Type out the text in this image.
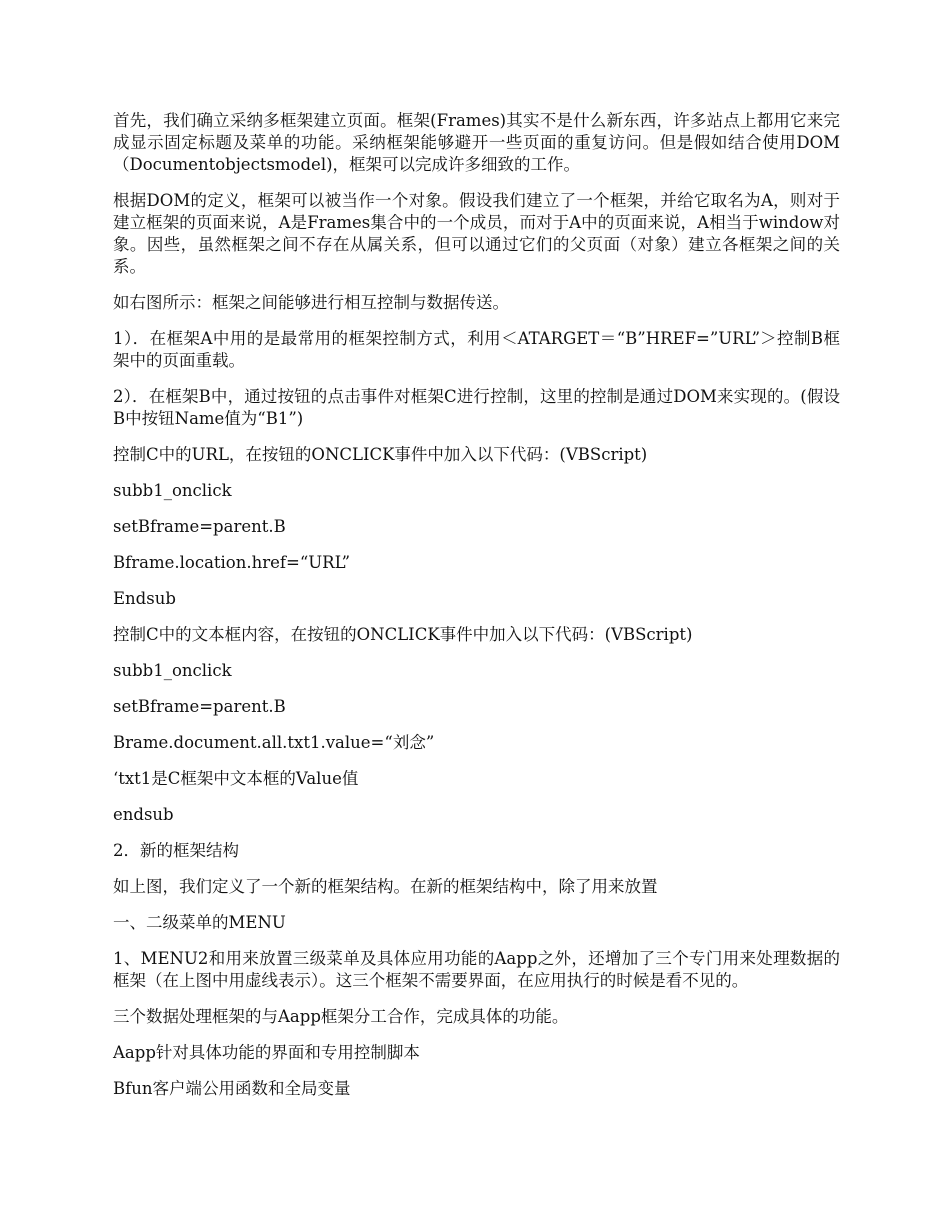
首先，我们确立采纳多框架建立页面。框架(Frames)其实不是什么新东西，许多站点上都用它来完成显示固定标题及菜单的功能。采纳框架能够避开一些页面的重复访问。但是假如结合使用DOM（Documentobjectsmodel)，框架可以完成许多细致的工作。

根据DOM的定义，框架可以被当作一个对象。假设我们建立了一个框架，并给它取名为A，则对于建立框架的页面来说，A是Frames集合中的一个成员，而对于A中的页面来说，A相当于window对象。因些，虽然框架之间不存在从属关系，但可以通过它们的父页面（对象）建立各框架之间的关系。

如右图所示：框架之间能够进行相互控制与数据传送。

1）．在框架A中用的是最常用的框架控制方式，利用＜ATARGET＝“B”HREF=”URL”＞控制B框架中的页面重载。

2）．在框架B中，通过按钮的点击事件对框架C进行控制，这里的控制是通过DOM来实现的。(假设B中按钮Name值为“B1”)

控制C中的URL，在按钮的ONCLICK事件中加入以下代码：(VBScript)

subb1_onclick

setBframe=parent.B

Bframe.location.href=“URL”

Endsub

控制C中的文本框内容，在按钮的ONCLICK事件中加入以下代码：(VBScript)

subb1_onclick

setBframe=parent.B

Brame.document.all.txt1.value=“刘念”

‘txt1是C框架中文本框的Value值

endsub

2．新的框架结构

如上图，我们定义了一个新的框架结构。在新的框架结构中，除了用来放置

一、二级菜单的MENU

1、MENU2和用来放置三级菜单及具体应用功能的Aapp之外，还增加了三个专门用来处理数据的框架（在上图中用虚线表示）。这三个框架不需要界面，在应用执行的时候是看不见的。

三个数据处理框架的与Aapp框架分工合作，完成具体的功能。

Aapp针对具体功能的界面和专用控制脚本

Bfun客户端公用函数和全局变量
